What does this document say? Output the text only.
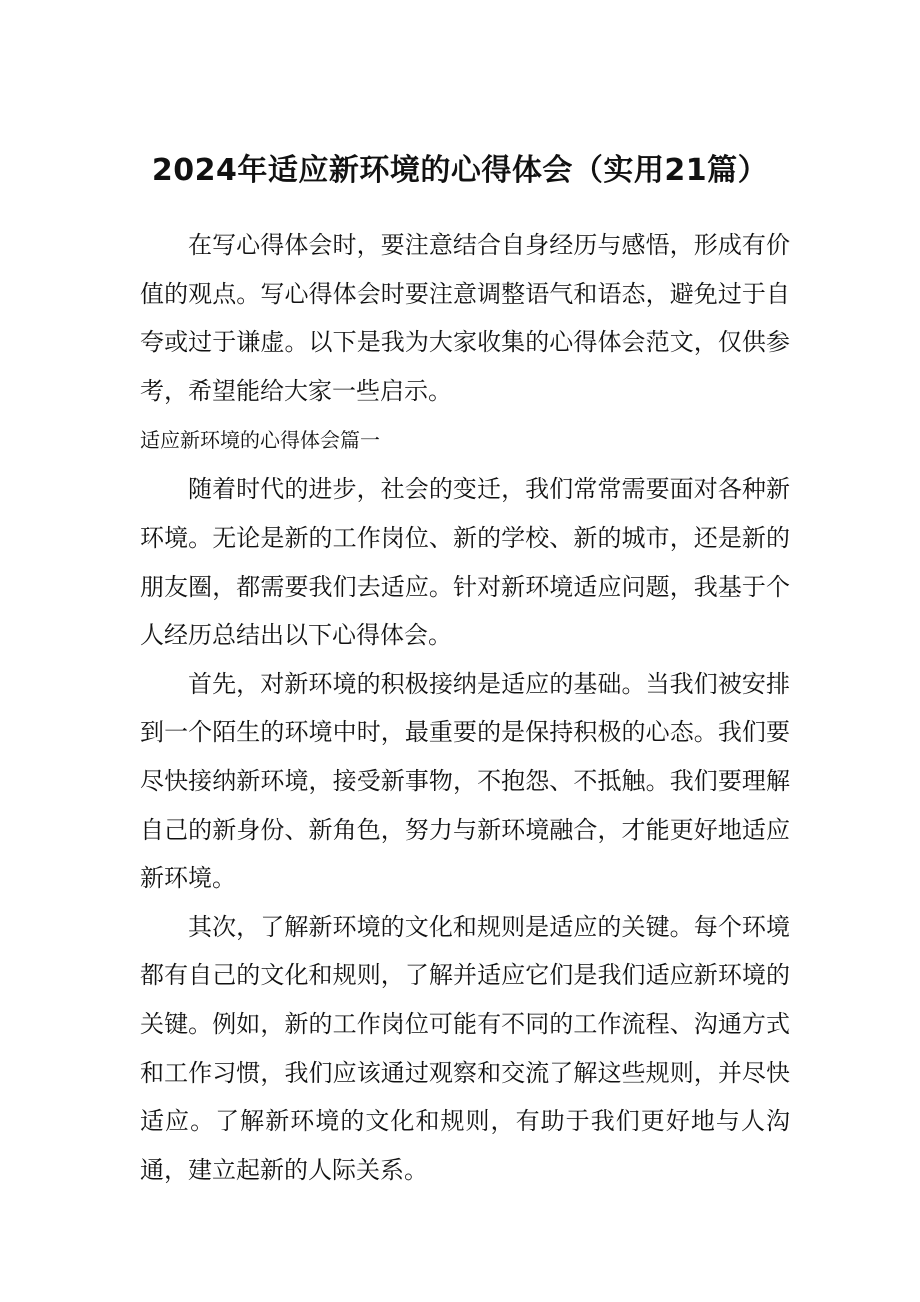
2024年适应新环境的心得体会（实用21篇）

在写心得体会时，要注意结合自身经历与感悟，形成有价值的观点。写心得体会时要注意调整语气和语态，避免过于自夸或过于谦虚。以下是我为大家收集的心得体会范文，仅供参考，希望能给大家一些启示。

适应新环境的心得体会篇一

随着时代的进步，社会的变迁，我们常常需要面对各种新环境。无论是新的工作岗位、新的学校、新的城市，还是新的朋友圈，都需要我们去适应。针对新环境适应问题，我基于个人经历总结出以下心得体会。

首先，对新环境的积极接纳是适应的基础。当我们被安排到一个陌生的环境中时，最重要的是保持积极的心态。我们要尽快接纳新环境，接受新事物，不抱怨、不抵触。我们要理解自己的新身份、新角色，努力与新环境融合，才能更好地适应新环境。

其次，了解新环境的文化和规则是适应的关键。每个环境都有自己的文化和规则，了解并适应它们是我们适应新环境的关键。例如，新的工作岗位可能有不同的工作流程、沟通方式和工作习惯，我们应该通过观察和交流了解这些规则，并尽快适应。了解新环境的文化和规则，有助于我们更好地与人沟通，建立起新的人际关系。
